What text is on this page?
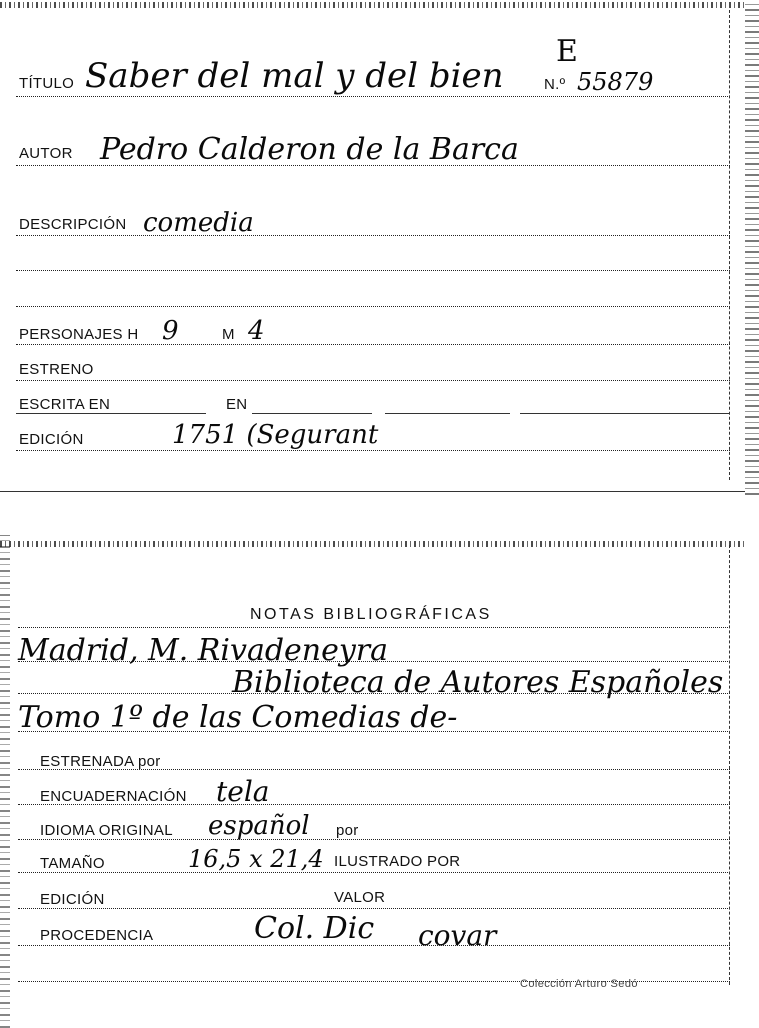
TÍTULO Saber del mal y del bien
E
N.º 55879
AUTOR Pedro Calderon de la Barca
DESCRIPCIÓN comedia
PERSONAJES H 9	M 4
ESTRENO
ESCRITA EN	EN
EDICIÓN	1751 (Segurant
NOTAS BIBLIOGRÁFICAS
Madrid, M. Rivadeneyra
Biblioteca de Autores Españoles
Tomo 1º de las Comedias de-
ESTRENADA por
ENCUADERNACIÓN tela
IDIOMA ORIGINAL español por
TAMAÑO	16,5 x 21,4 ILUSTRADO POR
EDICIÓN	VALOR
PROCEDENCIA	Col. Dic covar
Colección Arturo Sedó
